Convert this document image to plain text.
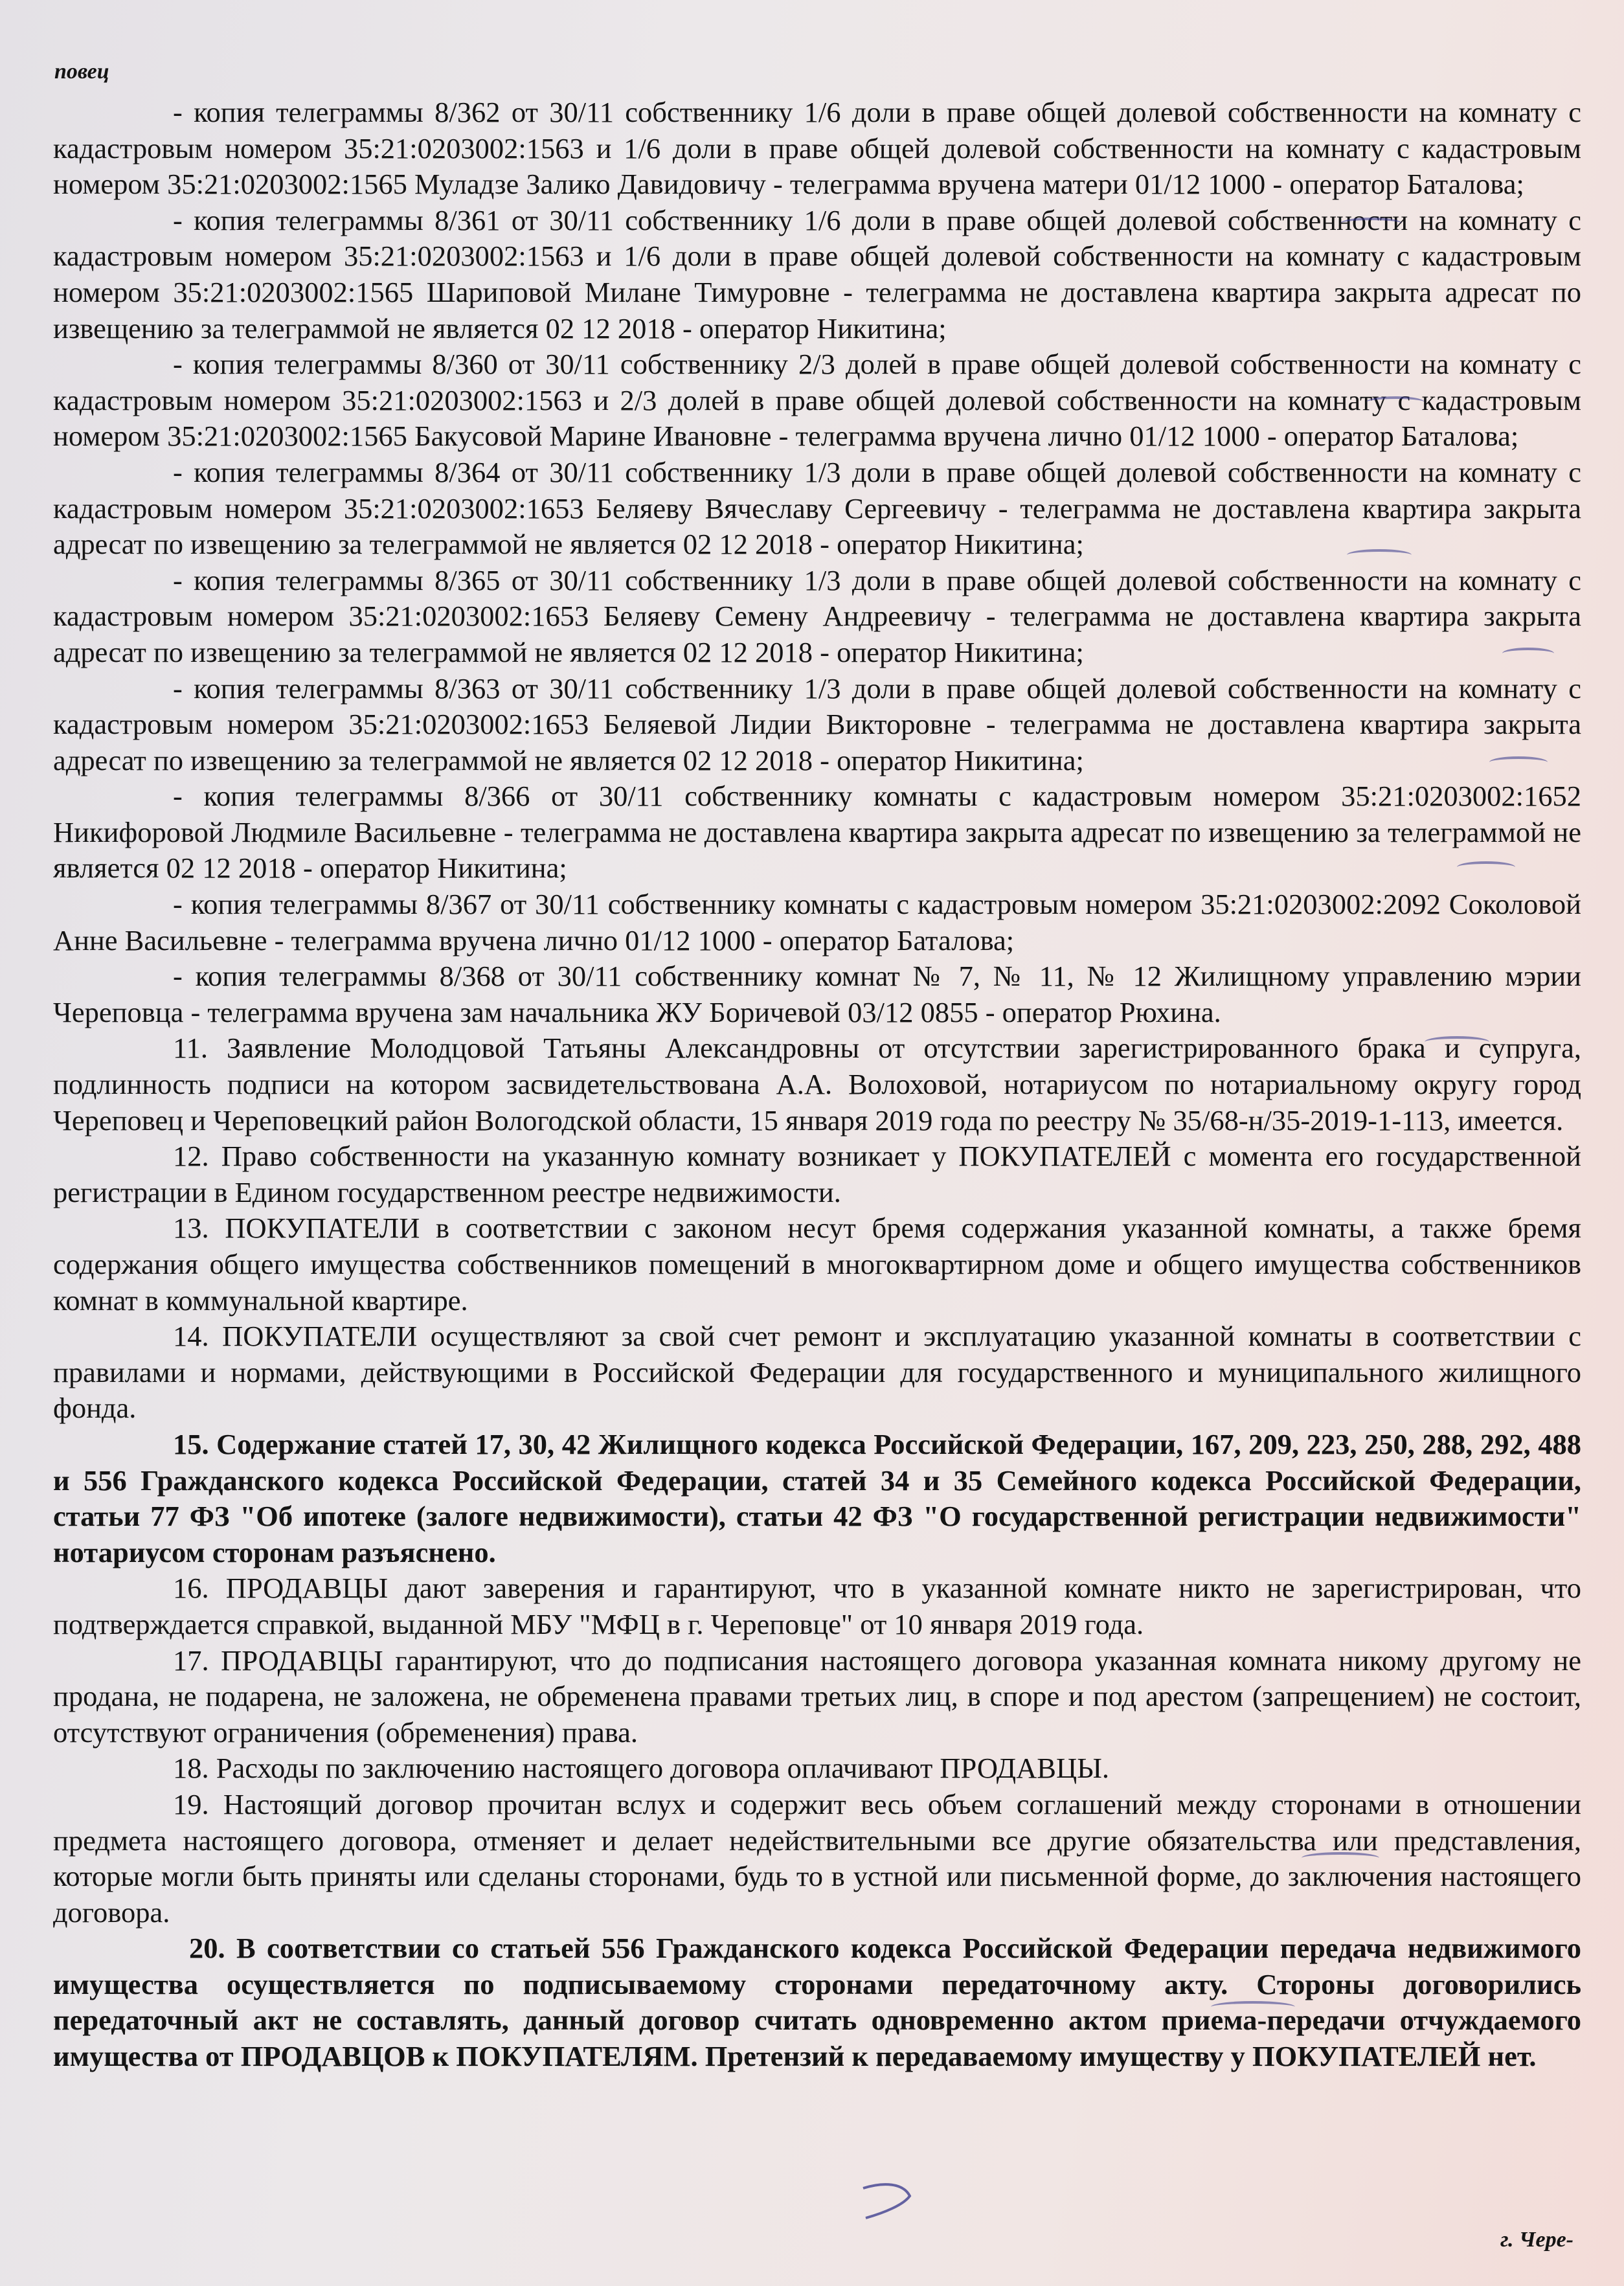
повец

- копия телеграммы 8/362 от 30/11 собственнику 1/6 доли в праве общей долевой собственности на комнату с кадастровым номером 35:21:0203002:1563 и 1/6 доли в праве общей долевой собственности на комнату с кадастровым номером 35:21:0203002:1565 Муладзе Залико Давидовичу - телеграмма вручена матери 01/12 1000 - оператор Баталова;

- копия телеграммы 8/361 от 30/11 собственнику 1/6 доли в праве общей долевой собственности на комнату с кадастровым номером 35:21:0203002:1563 и 1/6 доли в праве общей долевой собственности на комнату с кадастровым номером 35:21:0203002:1565 Шариповой Милане Тимуровне - телеграмма не доставлена квартира закрыта адресат по извещению за телеграммой не является 02 12 2018 - оператор Никитина;

- копия телеграммы 8/360 от 30/11 собственнику 2/3 долей в праве общей долевой собственности на комнату с кадастровым номером 35:21:0203002:1563 и 2/3 долей в праве общей долевой собственности на комнату с кадастровым номером 35:21:0203002:1565 Бакусовой Марине Ивановне - телеграмма вручена лично 01/12 1000 - оператор Баталова;

- копия телеграммы 8/364 от 30/11 собственнику 1/3 доли в праве общей долевой собственности на комнату с кадастровым номером 35:21:0203002:1653 Беляеву Вячеславу Сергеевичу - телеграмма не доставлена квартира закрыта адресат по извещению за телеграммой не является 02 12 2018 - оператор Никитина;

- копия телеграммы 8/365 от 30/11 собственнику 1/3 доли в праве общей долевой собственности на комнату с кадастровым номером 35:21:0203002:1653 Беляеву Семену Андреевичу - телеграмма не доставлена квартира закрыта адресат по извещению за телеграммой не является 02 12 2018 - оператор Никитина;

- копия телеграммы 8/363 от 30/11 собственнику 1/3 доли в праве общей долевой собственности на комнату с кадастровым номером 35:21:0203002:1653 Беляевой Лидии Викторовне - телеграмма не доставлена квартира закрыта адресат по извещению за телеграммой не является 02 12 2018 - оператор Никитина;

- копия телеграммы 8/366 от 30/11 собственнику комнаты с кадастровым номером 35:21:0203002:1652 Никифоровой Людмиле Васильевне - телеграмма не доставлена квартира закрыта адресат по извещению за телеграммой не является 02 12 2018 - оператор Никитина;

- копия телеграммы 8/367 от 30/11 собственнику комнаты с кадастровым номером 35:21:0203002:2092 Соколовой Анне Васильевне - телеграмма вручена лично 01/12 1000 - оператор Баталова;

- копия телеграммы 8/368 от 30/11 собственнику комнат № 7, № 11, № 12 Жилищному управлению мэрии Череповца - телеграмма вручена зам начальника ЖУ Боричевой 03/12 0855 - оператор Рюхина.

11. Заявление Молодцовой Татьяны Александровны от отсутствии зарегистрированного брака и супруга, подлинность подписи на котором засвидетельствована А.А. Волоховой, нотариусом по нотариальному округу город Череповец и Череповецкий район Вологодской области, 15 января 2019 года по реестру № 35/68-н/35-2019-1-113, имеется.

12. Право собственности на указанную комнату возникает у ПОКУПАТЕЛЕЙ с момента его государственной регистрации в Едином государственном реестре недвижимости.

13. ПОКУПАТЕЛИ в соответствии с законом несут бремя содержания указанной комнаты, а также бремя содержания общего имущества собственников помещений в многоквартирном доме и общего имущества собственников комнат в коммунальной квартире.

14. ПОКУПАТЕЛИ осуществляют за свой счет ремонт и эксплуатацию указанной комнаты в соответствии с правилами и нормами, действующими в Российской Федерации для государственного и муниципального жилищного фонда.

15. Содержание статей 17, 30, 42 Жилищного кодекса Российской Федерации, 167, 209, 223, 250, 288, 292, 488 и 556 Гражданского кодекса Российской Федерации, статей 34 и 35 Семейного кодекса Российской Федерации, статьи 77 ФЗ "Об ипотеке (залоге недвижимости), статьи 42 ФЗ "О государственной регистрации недвижимости" нотариусом сторонам разъяснено.

16. ПРОДАВЦЫ дают заверения и гарантируют, что в указанной комнате никто не зарегистрирован, что подтверждается справкой, выданной МБУ "МФЦ в г. Череповце" от 10 января 2019 года.

17. ПРОДАВЦЫ гарантируют, что до подписания настоящего договора указанная комната никому другому не продана, не подарена, не заложена, не обременена правами третьих лиц, в споре и под арестом (запрещением) не состоит, отсутствуют ограничения (обременения) права.

18. Расходы по заключению настоящего договора оплачивают ПРОДАВЦЫ.

19. Настоящий договор прочитан вслух и содержит весь объем соглашений между сторонами в отношении предмета настоящего договора, отменяет и делает недействительными все другие обязательства или представления, которые могли быть приняты или сделаны сторонами, будь то в устной или письменной форме, до заключения настоящего договора.

20. В соответствии со статьей 556 Гражданского кодекса Российской Федерации передача недвижимого имущества осуществляется по подписываемому сторонами передаточному акту. Стороны договорились передаточный акт не составлять, данный договор считать одновременно актом приема-передачи отчуждаемого имущества от ПРОДАВЦОВ к ПОКУПАТЕЛЯМ. Претензий к передаваемому имуществу у ПОКУПАТЕЛЕЙ нет.

г. Чере-
